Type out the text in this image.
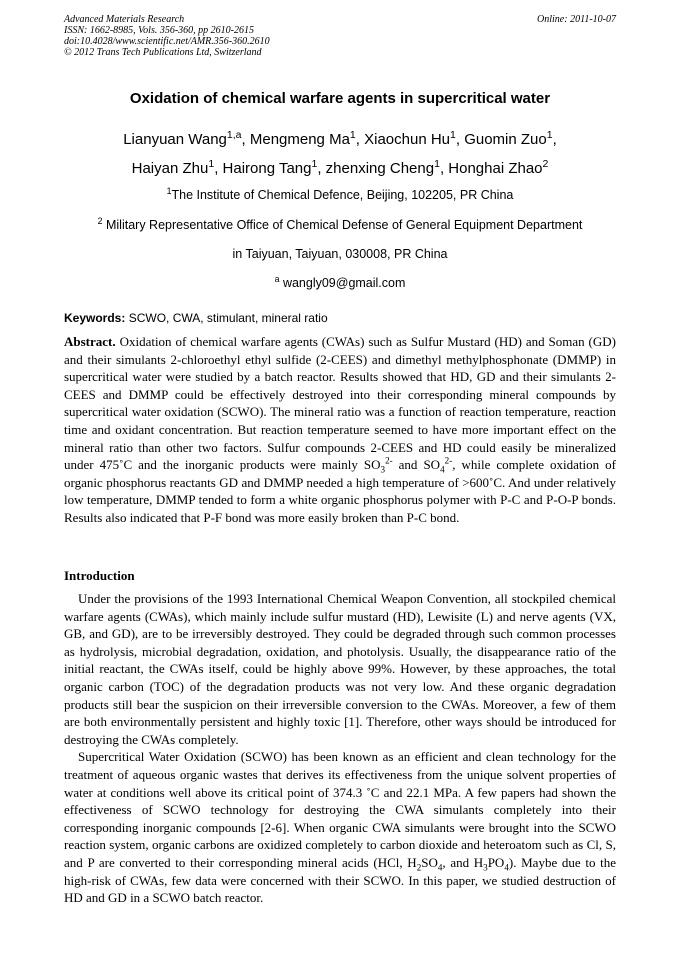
Advanced Materials Research
ISSN: 1662-8985, Vols. 356-360, pp 2610-2615
doi:10.4028/www.scientific.net/AMR.356-360.2610
© 2012 Trans Tech Publications Ltd, Switzerland
Online: 2011-10-07
Oxidation of chemical warfare agents in supercritical water
Lianyuan Wang$^{1,a}$, Mengmeng Ma$^1$, Xiaochun Hu$^1$, Guomin Zuo$^1$,
Haiyan Zhu$^1$, Hairong Tang$^1$, zhenxing Cheng$^1$, Honghai Zhao$^2$
$^1$The Institute of Chemical Defence, Beijing, 102205, PR China
$^2$ Military Representative Office of Chemical Defense of General Equipment Department
in Taiyuan, Taiyuan, 030008, PR China
$^a$ wangly09@gmail.com
Keywords: SCWO, CWA, stimulant, mineral ratio
Abstract. Oxidation of chemical warfare agents (CWAs) such as Sulfur Mustard (HD) and Soman (GD) and their simulants 2-chloroethyl ethyl sulfide (2-CEES) and dimethyl methylphosphonate (DMMP) in supercritical water were studied by a batch reactor. Results showed that HD, GD and their simulants 2-CEES and DMMP could be effectively destroyed into their corresponding mineral compounds by supercritical water oxidation (SCWO). The mineral ratio was a function of reaction temperature, reaction time and oxidant concentration. But reaction temperature seemed to have more important effect on the mineral ratio than other two factors. Sulfur compounds 2-CEES and HD could easily be mineralized under 475˚C and the inorganic products were mainly $SO_3^{2-}$ and $SO_4^{2-}$, while complete oxidation of organic phosphorus reactants GD and DMMP needed a high temperature of >600˚C. And under relatively low temperature, DMMP tended to form a white organic phosphorus polymer with P-C and P-O-P bonds. Results also indicated that P-F bond was more easily broken than P-C bond.
Introduction

Under the provisions of the 1993 International Chemical Weapon Convention, all stockpiled chemical warfare agents (CWAs), which mainly include sulfur mustard (HD), Lewisite (L) and nerve agents (VX, GB, and GD), are to be irreversibly destroyed. They could be degraded through such common processes as hydrolysis, microbial degradation, oxidation, and photolysis. Usually, the disappearance ratio of the initial reactant, the CWAs itself, could be highly above 99%. However, by these approaches, the total organic carbon (TOC) of the degradation products was not very low. And these organic degradation products still bear the suspicion on their irreversible conversion to the CWAs. Moreover, a few of them are both environmentally persistent and highly toxic [1]. Therefore, other ways should be introduced for destroying the CWAs completely.

Supercritical Water Oxidation (SCWO) has been known as an efficient and clean technology for the treatment of aqueous organic wastes that derives its effectiveness from the unique solvent properties of water at conditions well above its critical point of 374.3 ˚C and 22.1 MPa. A few papers had shown the effectiveness of SCWO technology for destroying the CWA simulants completely into their corresponding inorganic compounds [2-6]. When organic CWA simulants were brought into the SCWO reaction system, organic carbons are oxidized completely to carbon dioxide and heteroatom such as Cl, S, and P are converted to their corresponding mineral acids (HCl, $H_2SO_4$, and $H_3PO_4$). Maybe due to the high-risk of CWAs, few data were concerned with their SCWO. In this paper, we studied destruction of HD and GD in a SCWO batch reactor.
